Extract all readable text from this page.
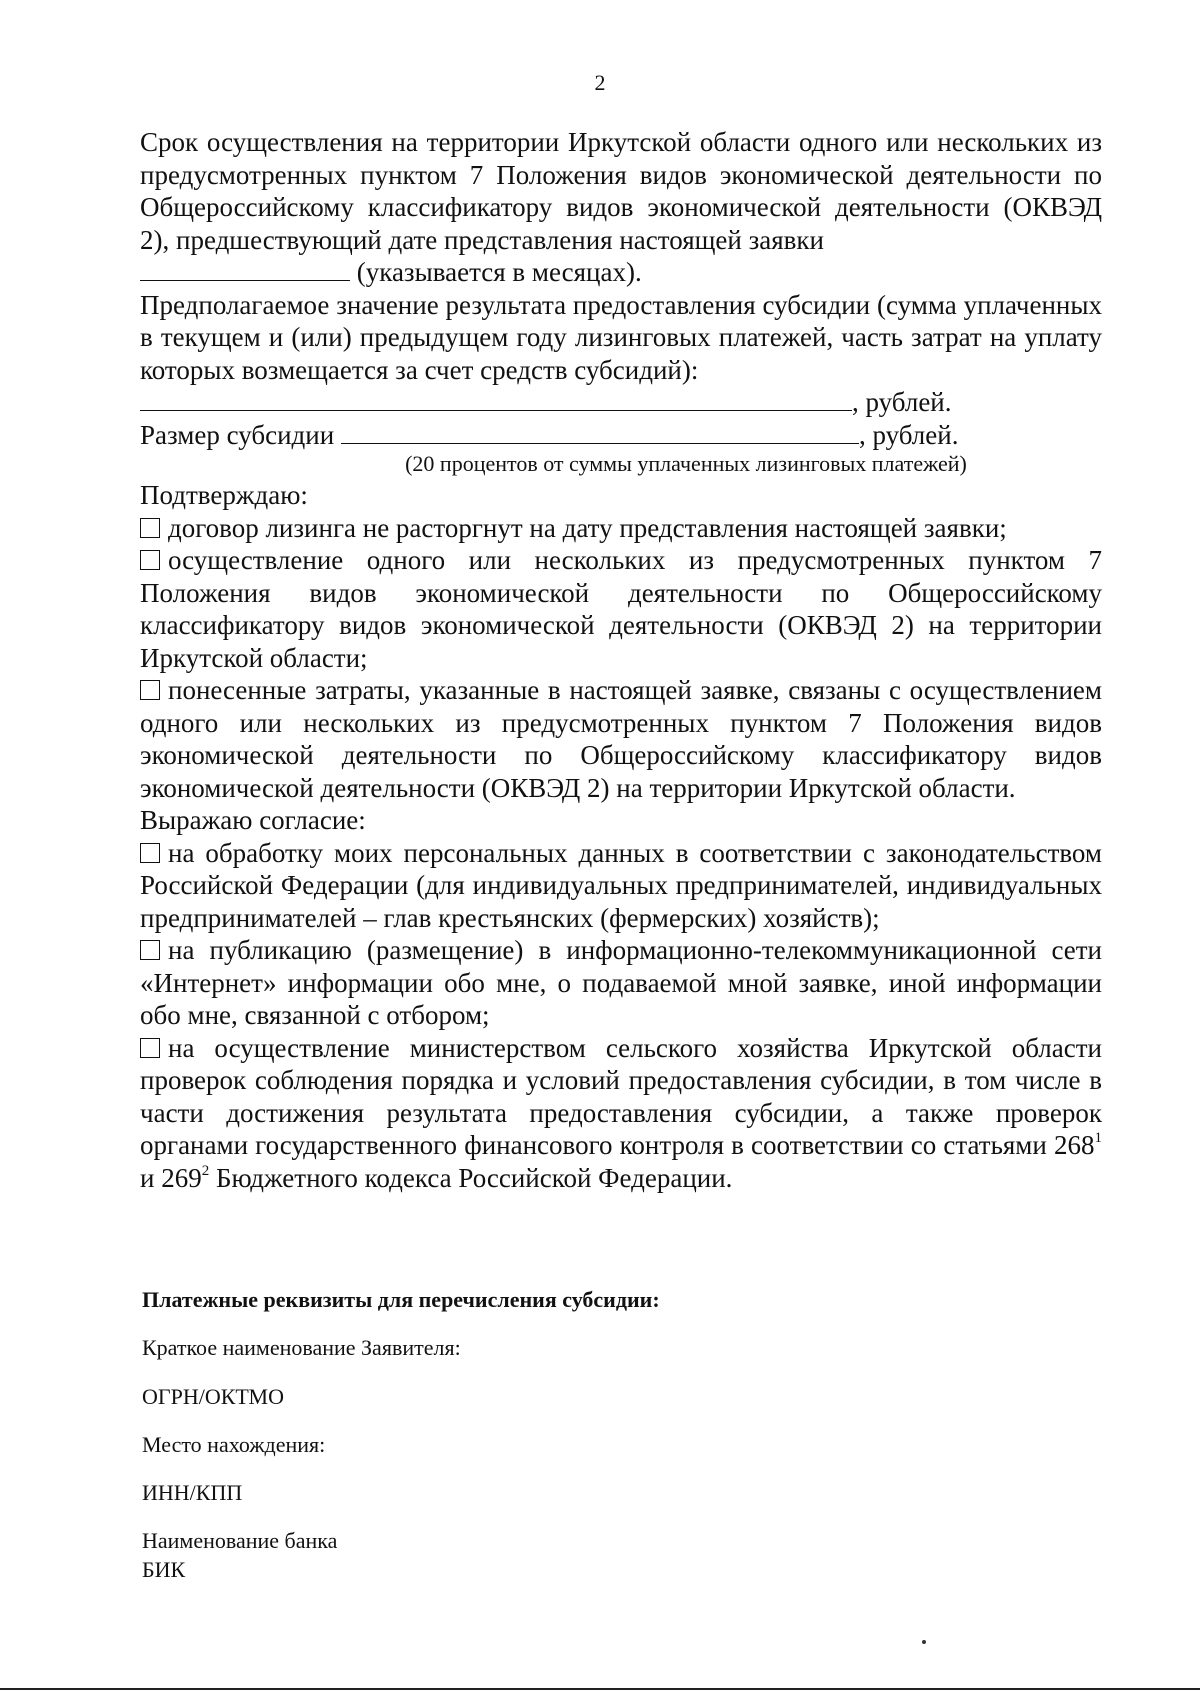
2

Срок осуществления на территории Иркутской области одного или нескольких из предусмотренных пунктом 7 Положения видов экономической деятельности по Общероссийскому классификатору видов экономической деятельности (ОКВЭД 2), предшествующий дате представления настоящей заявки

(указывается в месяцах).

Предполагаемое значение результата предоставления субсидии (сумма уплаченных в текущем и (или) предыдущем году лизинговых платежей, часть затрат на уплату которых возмещается за счет средств субсидий):

, рублей.

Размер субсидии	, рублей.

(20 процентов от суммы уплаченных лизинговых платежей)

Подтверждаю:

договор лизинга не расторгнут на дату представления настоящей заявки;

осуществление одного или нескольких из предусмотренных пунктом 7 Положения видов экономической деятельности по Общероссийскому классификатору видов экономической деятельности (ОКВЭД 2) на территории Иркутской области;

понесенные затраты, указанные в настоящей заявке, связаны с осуществлением одного или нескольких из предусмотренных пунктом 7 Положения видов экономической деятельности по Общероссийскому классификатору видов экономической деятельности (ОКВЭД 2) на территории Иркутской области.

Выражаю согласие:

на обработку моих персональных данных в соответствии с законодательством Российской Федерации (для индивидуальных предпринимателей, индивидуальных предпринимателей – глав крестьянских (фермерских) хозяйств);

на публикацию (размещение) в информационно-телекоммуникационной сети «Интернет» информации обо мне, о подаваемой мной заявке, иной информации обо мне, связанной с отбором;

на осуществление министерством сельского хозяйства Иркутской области проверок соблюдения порядка и условий предоставления субсидии, в том числе в части достижения результата предоставления субсидии, а также проверок органами государственного финансового контроля в соответствии со статьями $268^1$ и $269^2$ Бюджетного кодекса Российской Федерации.

Платежные реквизиты для перечисления субсидии:
Краткое наименование Заявителя:
ОГРН/ОКТМО
Место нахождения:
ИНН/КПП
Наименование банка
БИК
